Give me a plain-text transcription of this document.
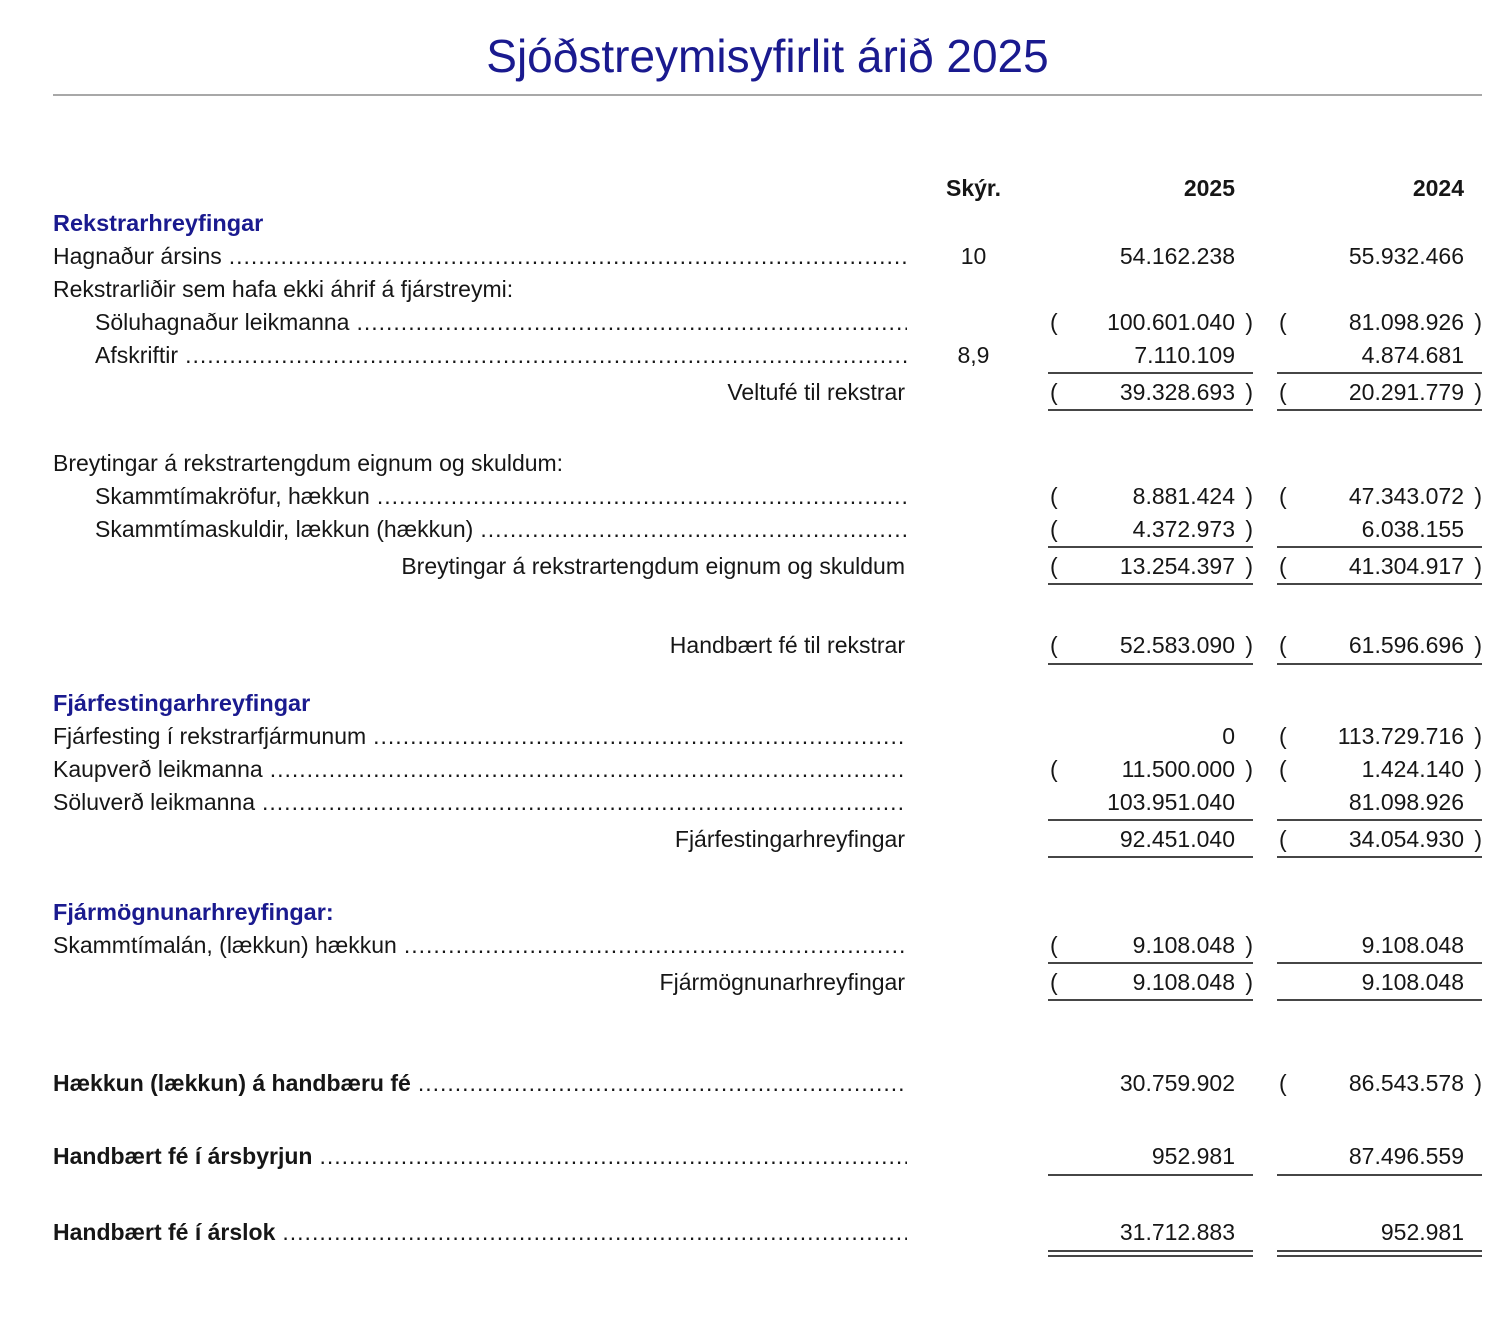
Sjóðstreymisyfirlit árið 2025
Skýr.	2025	2024
Rekstrarhreyfingar
Hagnaður ársins .....	10	54.162.238	55.932.466
Rekstrarliðir sem hafa ekki áhrif á fjárstreymi:
Söluhagnaður leikmanna .....	(	100.601.040 ) (	81.098.926 )
Afskriftir .....	8,9	7.110.109	4.874.681
Veltufé til rekstrar	(	39.328.693 ) (	20.291.779 )
Breytingar á rekstrartengdum eignum og skuldum:
Skammtímakröfur, hækkun .....	(	8.881.424 ) (	47.343.072 )
Skammtímaskuldir, lækkun (hækkun) .....	(	4.372.973 )	6.038.155
Breytingar á rekstrartengdum eignum og skuldum	(	13.254.397 ) (	41.304.917 )
Handbært fé til rekstrar	(	52.583.090 ) (	61.596.696 )
Fjárfestingarhreyfingar
Fjárfesting í rekstrarfjármunum .....	0 (	113.729.716 )
Kaupverð leikmanna .....	(	11.500.000 ) (	1.424.140 )
Söluverð leikmanna .....	103.951.040	81.098.926
Fjárfestingarhreyfingar	92.451.040 (	34.054.930 )
Fjármögnunarhreyfingar:
Skammtímalán, (lækkun) hækkun .....	(	9.108.048 )	9.108.048
Fjármögnunarhreyfingar	(	9.108.048 )	9.108.048
Hækkun (lækkun) á handbæru fé .....	30.759.902 (	86.543.578 )
Handbært fé í ársbyrjun .....	952.981	87.496.559
Handbært fé í árslok .....	31.712.883	952.981
